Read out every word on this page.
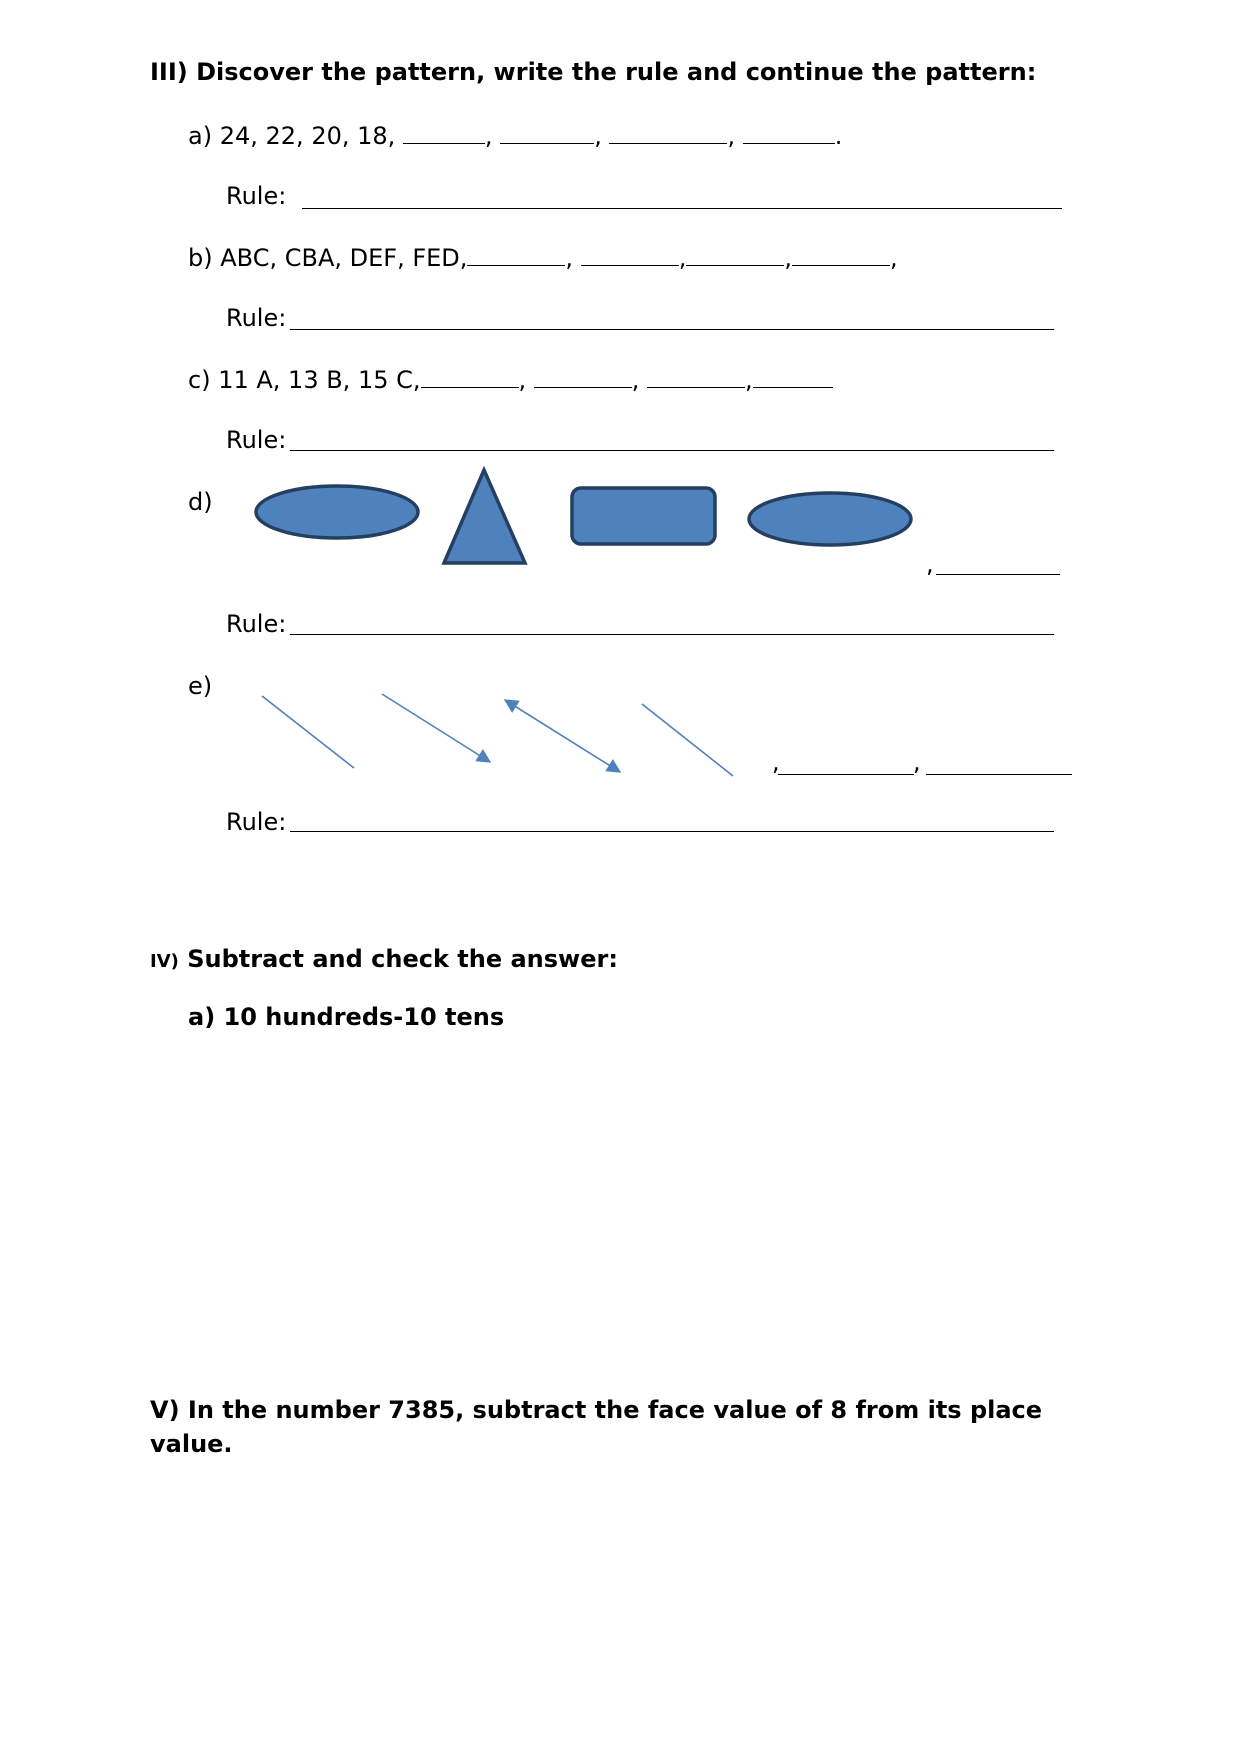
III) Discover the pattern, write the rule and continue the pattern:
a) 24, 22, 20, 18,	,	,	,	.
Rule:
b) ABC, CBA, DEF, FED,	,	,	,	,
Rule:
c) 11 A, 13 B, 15 C,	,	,	,
Rule:
d)
,
Rule:
e)
,	,
Rule:
IV) Subtract and check the answer:
a) 10 hundreds-10 tens
V) In the number 7385, subtract the face value of 8 from its place
value.
